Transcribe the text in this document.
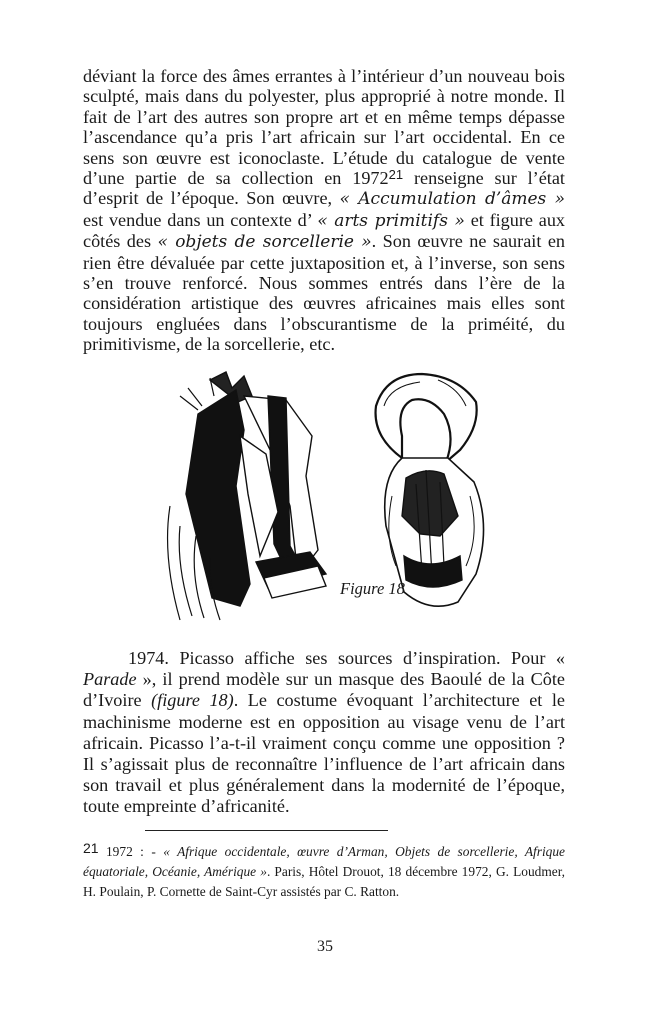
déviant la force des âmes errantes à l’intérieur d’un nouveau bois sculpté, mais dans du polyester, plus approprié à notre monde. Il fait de l’art des autres son propre art et en même temps dépasse l’ascendance qu’a pris l’art africain sur l’art occidental. En ce sens son œuvre est iconoclaste. L’étude du catalogue de vente d’une partie de sa collection en 1972$^{21}$ renseigne sur l’état d’esprit de l’époque. Son œuvre, « Accumulation d’âmes » est vendue dans un contexte d’ « arts primitifs » et figure aux côtés des « objets de sorcellerie ». Son œuvre ne saurait en rien être dévaluée par cette juxtaposition et, à l’inverse, son sens s’en trouve renforcé. Nous sommes entrés dans l’ère de la considération artistique des œuvres africaines mais elles sont toujours engluées dans l’obscurantisme de la priméité, du primitivisme, de la sorcellerie, etc.

Figure 18

1974. Picasso affiche ses sources d’inspiration. Pour « Parade », il prend modèle sur un masque des Baoulé de la Côte d’Ivoire (figure 18). Le costume évoquant l’architecture et le machinisme moderne est en opposition au visage venu de l’art africain. Picasso l’a-t-il vraiment conçu comme une opposition ? Il s’agissait plus de reconnaître l’influence de l’art africain dans son travail et plus généralement dans la modernité de l’époque, toute empreinte d’africanité.

21 1972 : - « Afrique occidentale, œuvre d’Arman, Objets de sorcellerie, Afrique équatoriale, Océanie, Amérique ». Paris, Hôtel Drouot, 18 décembre 1972, G. Loudmer, H. Poulain, P. Cornette de Saint-Cyr assistés par C. Ratton.

35
